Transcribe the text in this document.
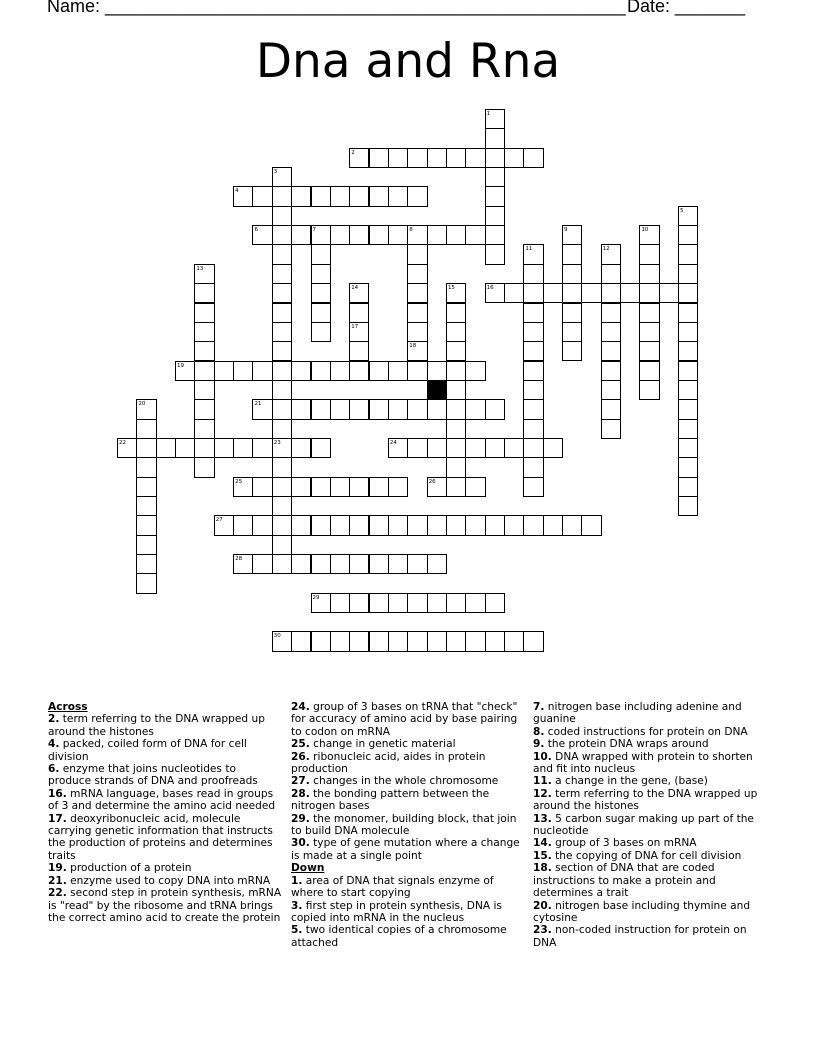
Name: ____________________________________________________ Date: _______
Dna and Rna
1
2
3
4
5
6	7	8	9	10
11	12
13
14	15	16
17
18
19
20	21
22	23	24
25	26
27
28
29
30
Across
2. term referring to the DNA wrapped up around the histones
4. packed, coiled form of DNA for cell division
6. enzyme that joins nucleotides to produce strands of DNA and proofreads
16. mRNA language, bases read in groups of 3 and determine the amino acid needed
17. deoxyribonucleic acid, molecule carrying genetic information that instructs the production of proteins and determines traits
19. production of a protein
21. enzyme used to copy DNA into mRNA
22. second step in protein synthesis, mRNA is "read" by the ribosome and tRNA brings the correct amino acid to create the protein
24. group of 3 bases on tRNA that "check" for accuracy of amino acid by base pairing to codon on mRNA
25. change in genetic material
26. ribonucleic acid, aides in protein production
27. changes in the whole chromosome
28. the bonding pattern between the nitrogen bases
29. the monomer, building block, that join to build DNA molecule
30. type of gene mutation where a change is made at a single point
Down
1. area of DNA that signals enzyme of where to start copying
3. first step in protein synthesis, DNA is copied into mRNA in the nucleus
5. two identical copies of a chromosome attached
7. nitrogen base including adenine and guanine
8. coded instructions for protein on DNA
9. the protein DNA wraps around
10. DNA wrapped with protein to shorten and fit into nucleus
11. a change in the gene, (base)
12. term referring to the DNA wrapped up around the histones
13. 5 carbon sugar making up part of the nucleotide
14. group of 3 bases on mRNA
15. the copying of DNA for cell division
18. section of DNA that are coded instructions to make a protein and determines a trait
20. nitrogen base including thymine and cytosine
23. non-coded instruction for protein on DNA
